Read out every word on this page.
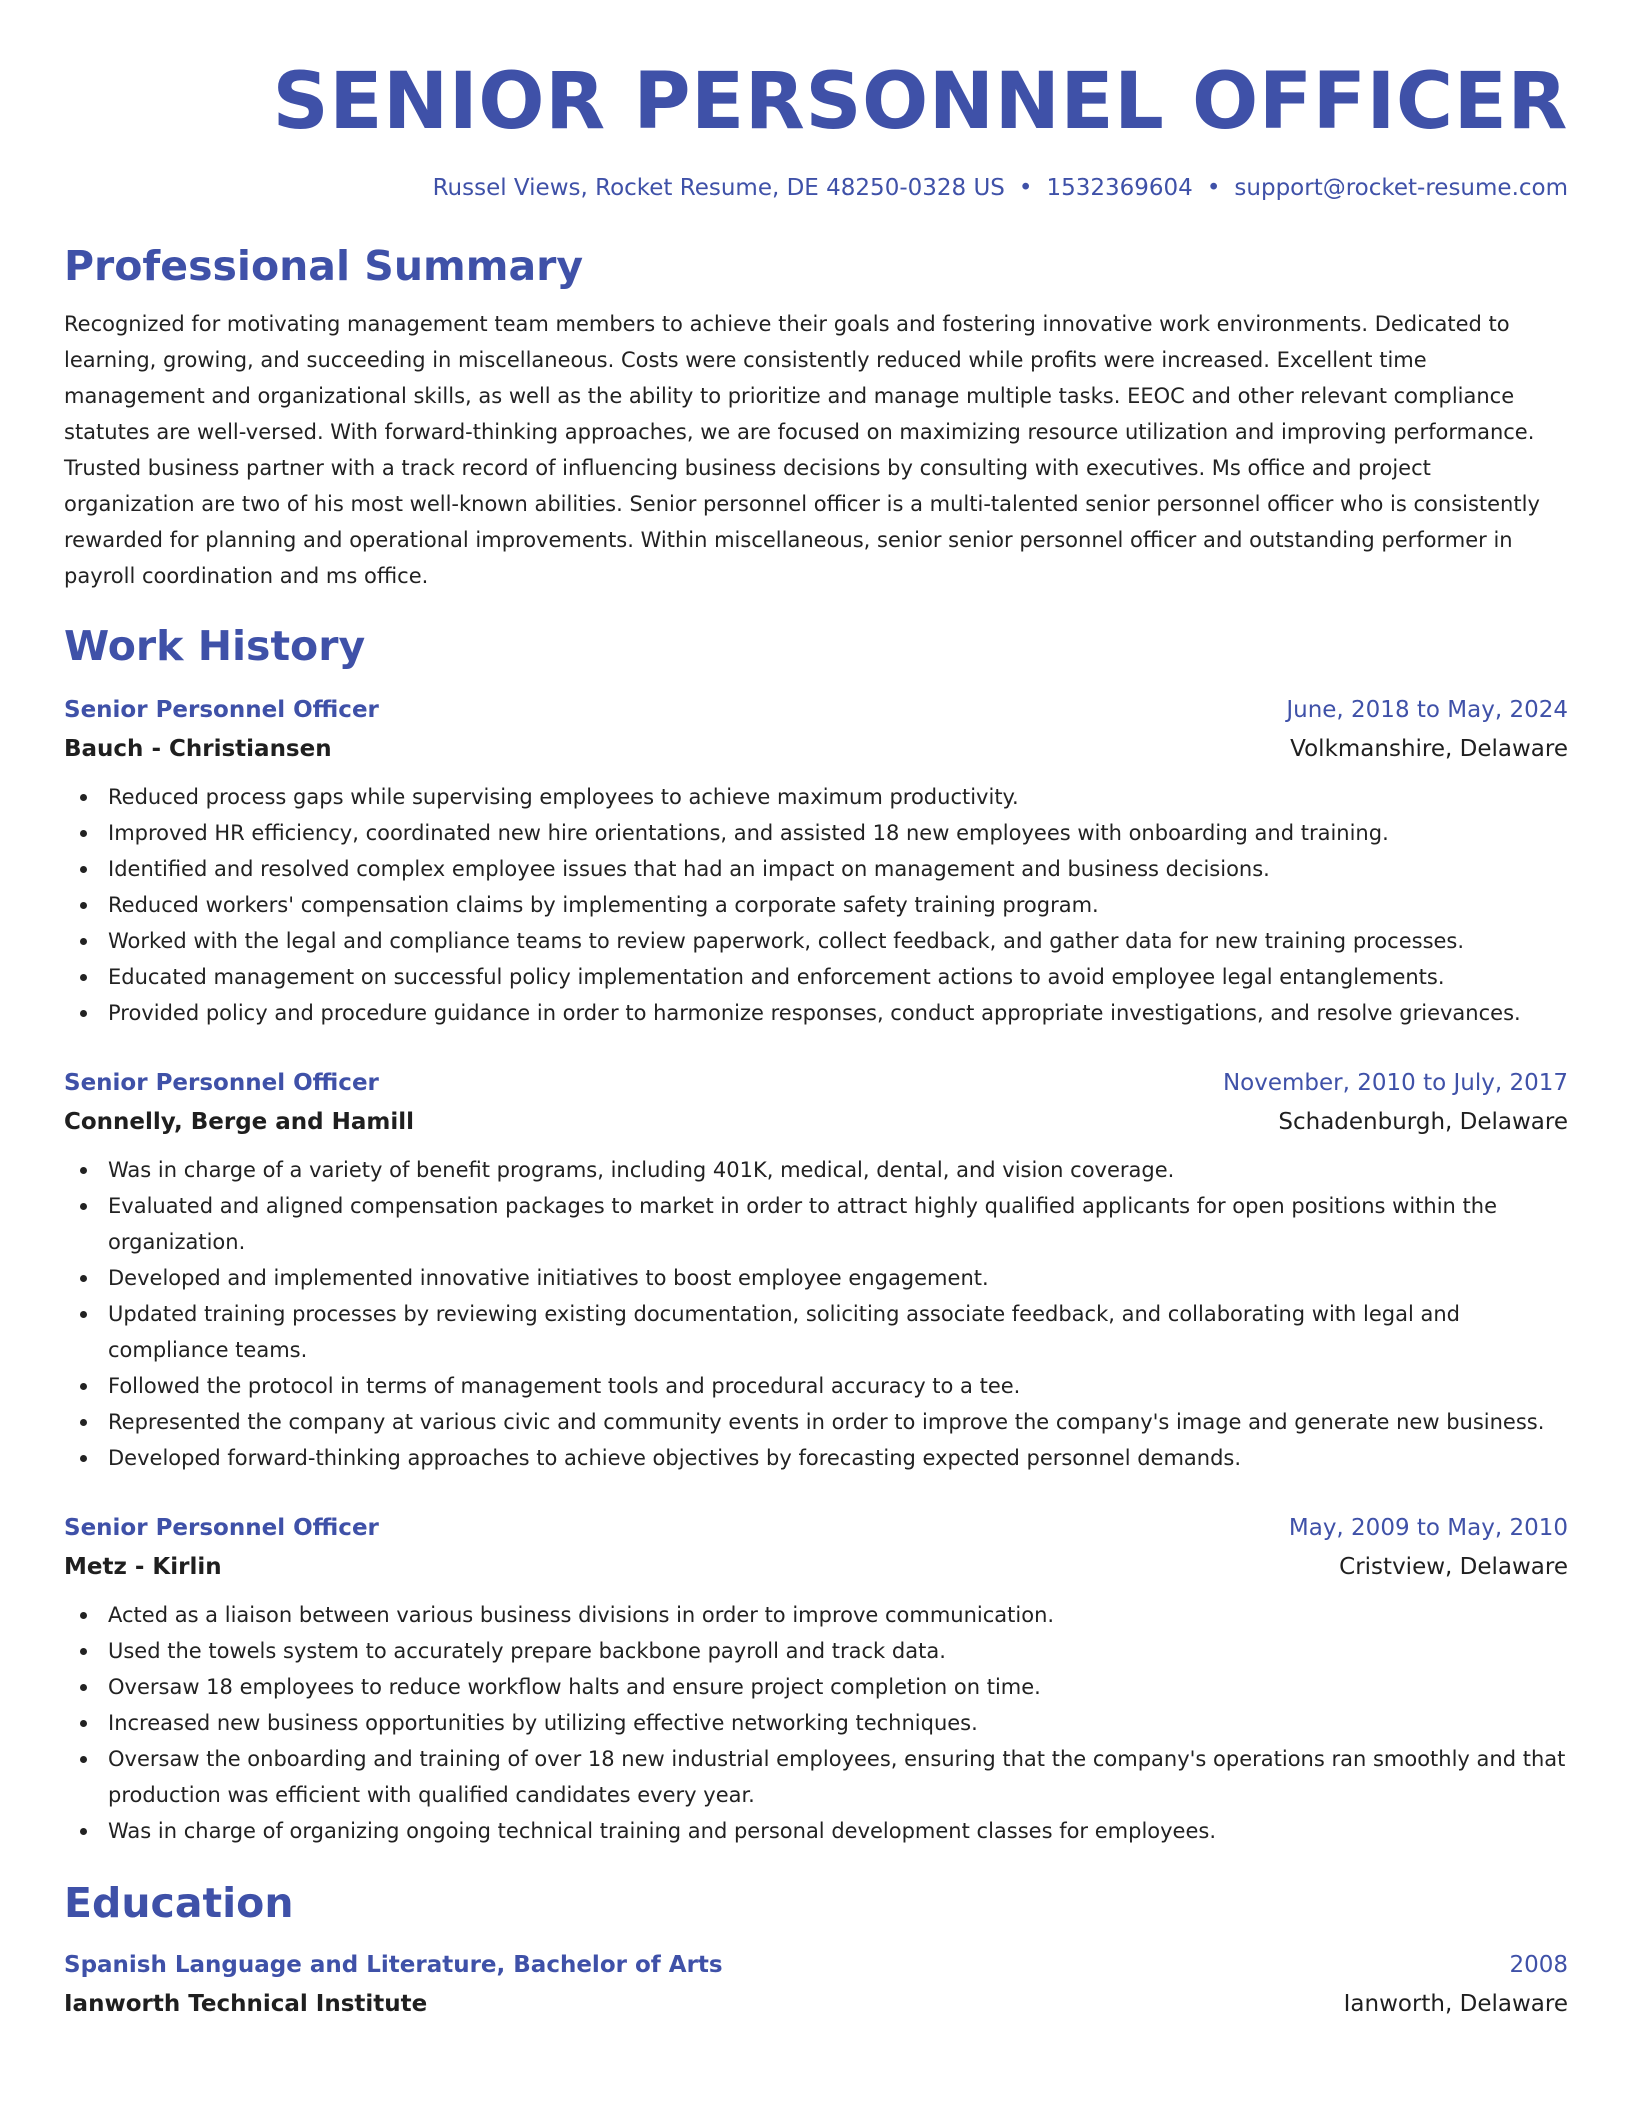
SENIOR PERSONNEL OFFICER
Russel Views, Rocket Resume, DE 48250-0328 US • 1532369604 • support@rocket-resume.com
Professional Summary
Recognized for motivating management team members to achieve their goals and fostering innovative work environments. Dedicated to learning, growing, and succeeding in miscellaneous. Costs were consistently reduced while profits were increased. Excellent time management and organizational skills, as well as the ability to prioritize and manage multiple tasks. EEOC and other relevant compliance statutes are well-versed. With forward-thinking approaches, we are focused on maximizing resource utilization and improving performance. Trusted business partner with a track record of influencing business decisions by consulting with executives. Ms office and project organization are two of his most well-known abilities. Senior personnel officer is a multi-talented senior personnel officer who is consistently rewarded for planning and operational improvements. Within miscellaneous, senior senior personnel officer and outstanding performer in payroll coordination and ms office.
Work History
Senior Personnel Officer	June, 2018 to May, 2024
Bauch - Christiansen	Volkmanshire, Delaware
Reduced process gaps while supervising employees to achieve maximum productivity.
Improved HR efficiency, coordinated new hire orientations, and assisted 18 new employees with onboarding and training.
Identified and resolved complex employee issues that had an impact on management and business decisions.
Reduced workers' compensation claims by implementing a corporate safety training program.
Worked with the legal and compliance teams to review paperwork, collect feedback, and gather data for new training processes.
Educated management on successful policy implementation and enforcement actions to avoid employee legal entanglements.
Provided policy and procedure guidance in order to harmonize responses, conduct appropriate investigations, and resolve grievances.
Senior Personnel Officer	November, 2010 to July, 2017
Connelly, Berge and Hamill	Schadenburgh, Delaware
Was in charge of a variety of benefit programs, including 401K, medical, dental, and vision coverage.
Evaluated and aligned compensation packages to market in order to attract highly qualified applicants for open positions within the organization.
Developed and implemented innovative initiatives to boost employee engagement.
Updated training processes by reviewing existing documentation, soliciting associate feedback, and collaborating with legal and compliance teams.
Followed the protocol in terms of management tools and procedural accuracy to a tee.
Represented the company at various civic and community events in order to improve the company's image and generate new business.
Developed forward-thinking approaches to achieve objectives by forecasting expected personnel demands.
Senior Personnel Officer	May, 2009 to May, 2010
Metz - Kirlin	Cristview, Delaware
Acted as a liaison between various business divisions in order to improve communication.
Used the towels system to accurately prepare backbone payroll and track data.
Oversaw 18 employees to reduce workflow halts and ensure project completion on time.
Increased new business opportunities by utilizing effective networking techniques.
Oversaw the onboarding and training of over 18 new industrial employees, ensuring that the company's operations ran smoothly and that production was efficient with qualified candidates every year.
Was in charge of organizing ongoing technical training and personal development classes for employees.
Education
Spanish Language and Literature, Bachelor of Arts	2008
Ianworth Technical Institute	Ianworth, Delaware
